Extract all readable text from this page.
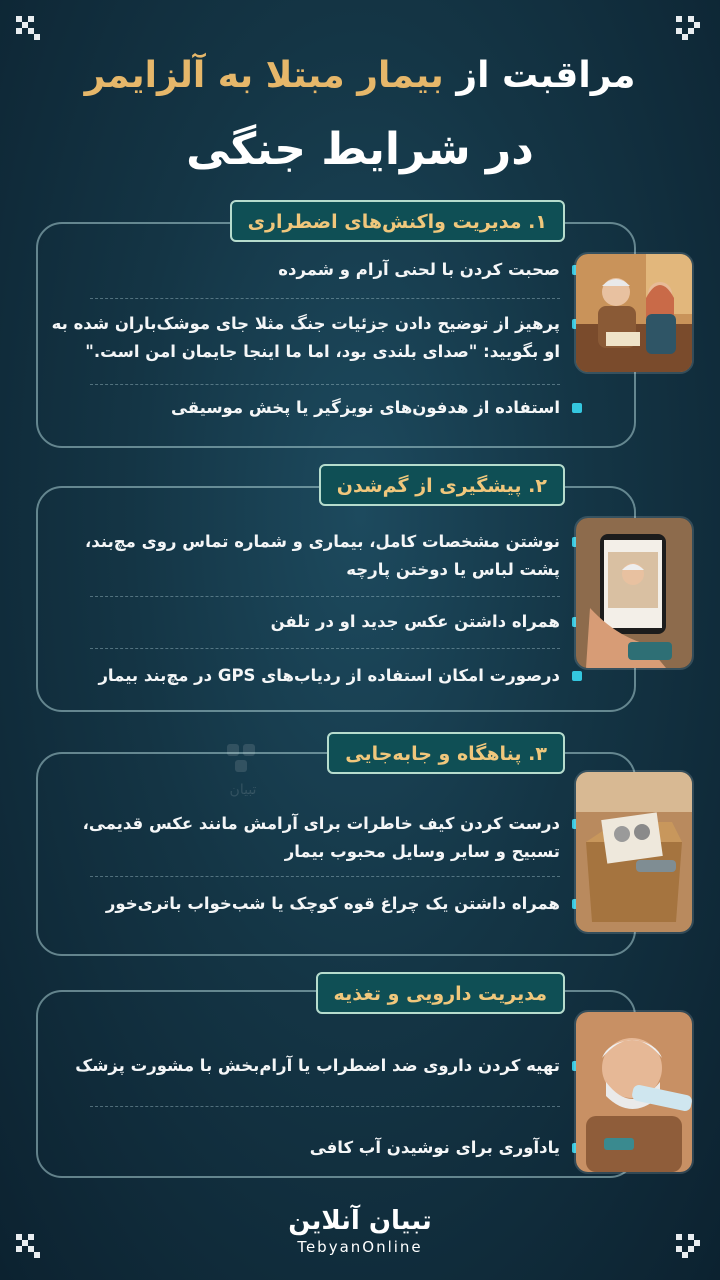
مراقبت از بیمار مبتلا به آلزایمر
در شرایط جنگی
۱. مدیریت واکنش‌های اضطراری
صحبت کردن با لحنی آرام و شمرده
پرهیز از توضیح دادن جزئیات جنگ مثلا جای موشک‌باران شده به او بگویید: "صدای بلندی بود، اما ما اینجا جایمان امن است."
استفاده از هدفون‌های نویزگیر یا پخش موسیقی
۲. پیشگیری از گم‌شدن
نوشتن مشخصات کامل، بیماری و شماره تماس روی مچ‌بند، پشت لباس یا دوختن پارچه
همراه داشتن عکس جدید او در تلفن
درصورت امکان استفاده از ردیاب‌های GPS در مچ‌بند بیمار
۳. پناهگاه و جابه‌جایی
تبیان
درست کردن کیف خاطرات برای آرامش مانند عکس قدیمی، تسبیح و سایر وسایل محبوب بیمار
همراه داشتن یک چراغ قوه کوچک یا شب‌خواب باتری‌خور
مدیریت دارویی و تغذیه
تهیه کردن داروی ضد اضطراب یا آرام‌بخش با مشورت پزشک
یادآوری برای نوشیدن آب کافی
تبیان آنلاین
TebyanOnline
